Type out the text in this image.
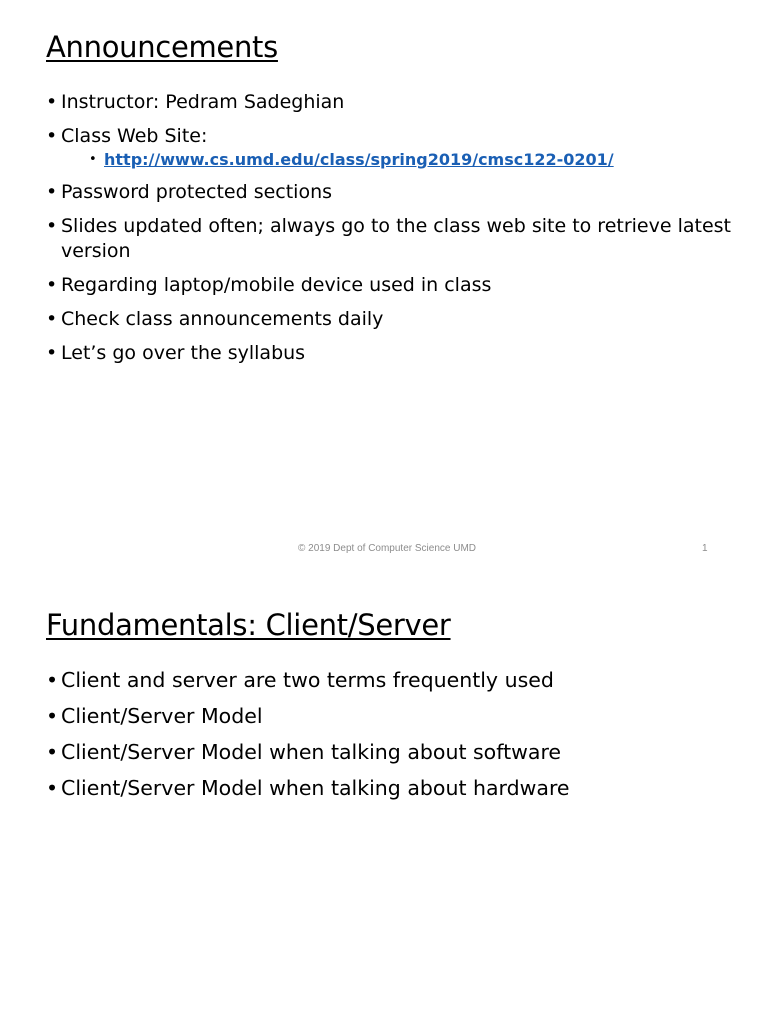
Announcements
• Instructor: Pedram Sadeghian
• Class Web Site:
• http://www.cs.umd.edu/class/spring2019/cmsc122-0201/
• Password protected sections
• Slides updated often; always go to the class web site to retrieve latest version
• Regarding laptop/mobile device used in class
• Check class announcements daily
• Let’s go over the syllabus
© 2019 Dept of Computer Science UMD	1
Fundamentals: Client/Server
• Client and server are two terms frequently used
• Client/Server Model
• Client/Server Model when talking about software
• Client/Server Model when talking about hardware
